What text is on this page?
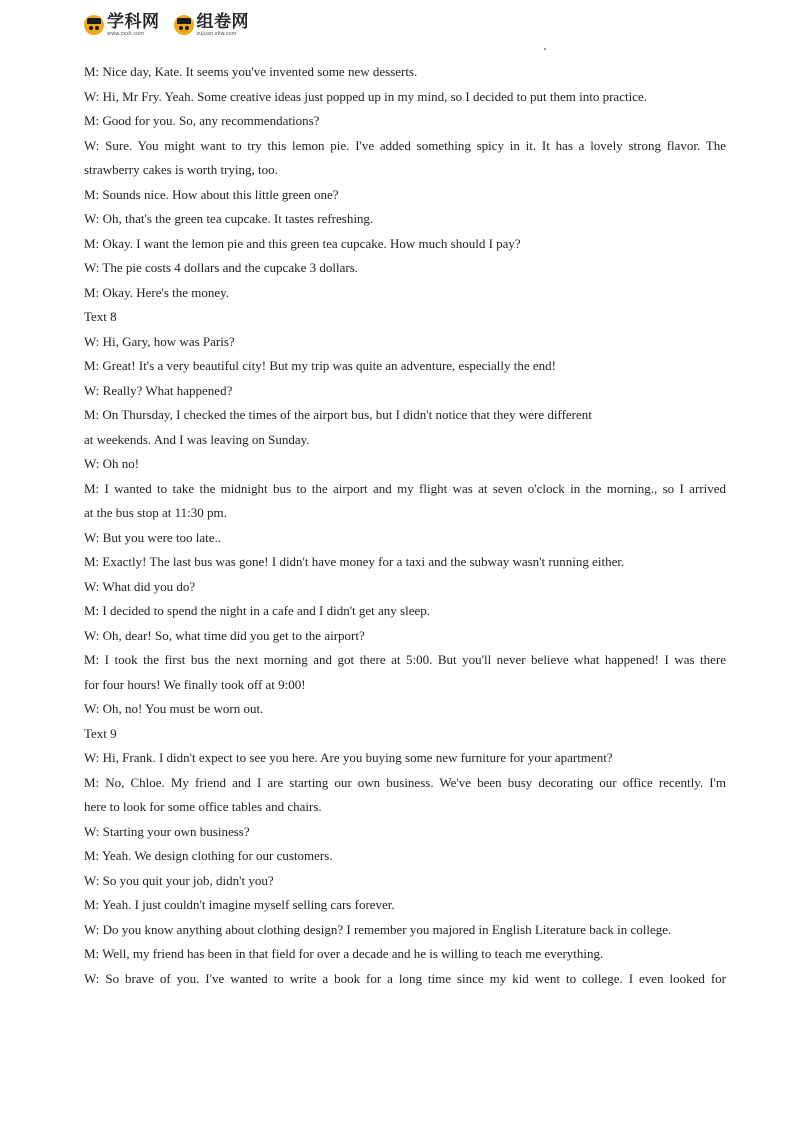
学科网
www.zxxk.com
组卷网
zujuan.xkw.com
M: Nice day, Kate. It seems you've invented some new desserts.
W: Hi, Mr Fry. Yeah. Some creative ideas just popped up in my mind, so I decided to put them into practice.
M: Good for you. So, any recommendations?
W: Sure. You might want to try this lemon pie. I've added something spicy in it. It has a lovely strong flavor. The
strawberry cakes is worth trying, too.
M: Sounds nice. How about this little green one?
W: Oh, that's the green tea cupcake. It tastes refreshing.
M: Okay. I want the lemon pie and this green tea cupcake. How much should I pay?
W: The pie costs 4 dollars and the cupcake 3 dollars.
M: Okay. Here's the money.
Text 8
W: Hi, Gary, how was Paris?
M: Great! It's a very beautiful city! But my trip was quite an adventure, especially the end!
W: Really? What happened?
M: On Thursday, I checked the times of the airport bus, but I didn't notice that they were different
at weekends. And I was leaving on Sunday.
W: Oh no!
M: I wanted to take the midnight bus to the airport and my flight was at seven o'clock in the morning., so I arrived
at the bus stop at 11:30 pm.
W: But you were too late..
M: Exactly! The last bus was gone! I didn't have money for a taxi and the subway wasn't running either.
W: What did you do?
M: I decided to spend the night in a cafe and I didn't get any sleep.
W: Oh, dear! So, what time did you get to the airport?
M: I took the first bus the next morning and got there at 5:00. But you'll never believe what happened! I was there
for four hours! We finally took off at 9:00!
W: Oh, no! You must be worn out.
Text 9
W: Hi, Frank. I didn't expect to see you here. Are you buying some new furniture for your apartment?
M: No, Chloe. My friend and I are starting our own business. We've been busy decorating our office recently. I'm
here to look for some office tables and chairs.
W: Starting your own business?
M: Yeah. We design clothing for our customers.
W: So you quit your job, didn't you?
M: Yeah. I just couldn't imagine myself selling cars forever.
W: Do you know anything about clothing design? I remember you majored in English Literature back in college.
M: Well, my friend has been in that field for over a decade and he is willing to teach me everything.
W: So brave of you. I've wanted to write a book for a long time since my kid went to college. I even looked for
